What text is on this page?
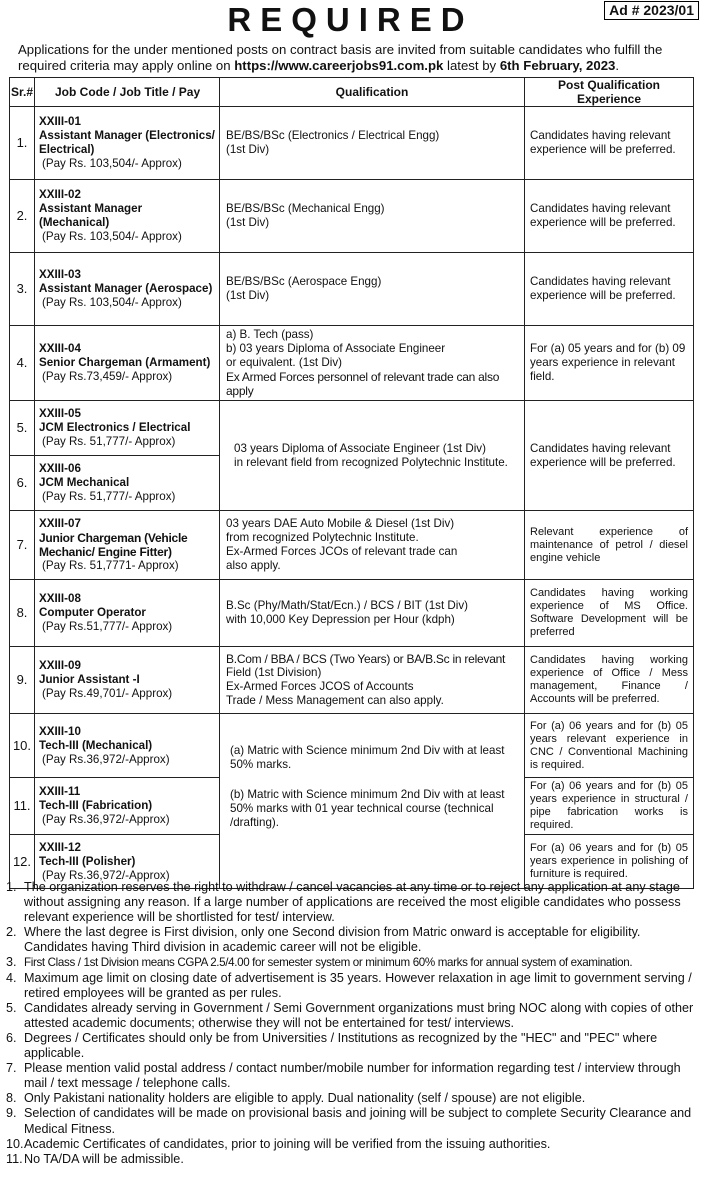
REQUIRED	Ad # 2023/01

Applications for the under mentioned posts on contract basis are invited from suitable candidates who fulfill the required criteria may apply online on https://www.careerjobs91.com.pk latest by 6th February, 2023.

Sr.#	Job Code / Job Title / Pay	Qualification	Post Qualification Experience
1.	XXIII-01
Assistant Manager (Electronics/ Electrical)
(Pay Rs. 103,504/- Approx)	BE/BS/BSc (Electronics / Electrical Engg)
(1st Div)	Candidates having relevant experience will be preferred.
2.	XXIII-02
Assistant Manager (Mechanical)
(Pay Rs. 103,504/- Approx)	BE/BS/BSc (Mechanical Engg)
(1st Div)	Candidates having relevant experience will be preferred.
3.	XXIII-03
Assistant Manager (Aerospace)
(Pay Rs. 103,504/- Approx)	BE/BS/BSc (Aerospace Engg)
(1st Div)	Candidates having relevant experience will be preferred.
4.	XXIII-04
Senior Chargeman (Armament)
(Pay Rs.73,459/- Approx)	a) B. Tech (pass)
b) 03 years Diploma of Associate Engineer
or equivalent. (1st Div)
Ex Armed Forces personnel of relevant trade can also apply	For (a) 05 years and for (b) 09 years experience in relevant field.
5.	XXIII-05
JCM Electronics / Electrical
(Pay Rs. 51,777/- Approx)	03 years Diploma of Associate Engineer (1st Div)
in relevant field from recognized Polytechnic Institute.	Candidates having relevant experience will be preferred.
6.	XXIII-06
JCM Mechanical
(Pay Rs. 51,777/- Approx)		

7.	XXIII-07
Junior Chargeman (Vehicle Mechanic/ Engine Fitter)
(Pay Rs. 51,7771- Approx)	03 years DAE Auto Mobile & Diesel (1st Div)
from recognized Polytechnic Institute.
Ex-Armed Forces JCOs of relevant trade can
also apply.	Relevant experience of maintenance of petrol / diesel engine vehicle
8.	XXIII-08
Computer Operator
(Pay Rs.51,777/- Approx)	B.Sc (Phy/Math/Stat/Ecn.) / BCS / BIT (1st Div)
with 10,000 Key Depression per Hour (kdph)	Candidates having working experience of MS Office. Software Development will be preferred
9.	XXIII-09
Junior Assistant -I
(Pay Rs.49,701/- Approx)	B.Com / BBA / BCS (Two Years) or BA/B.Sc in relevant
Field (1st Division)
Ex-Armed Forces JCOS of Accounts
Trade / Mess Management can also apply.	Candidates having working experience of Office / Mess management, Finance / Accounts will be preferred.
10.	XXIII-10
Tech-III (Mechanical)
(Pay Rs.36,972/-Approx)	(a) Matric with Science minimum 2nd Div with at least 50% marks.
(b) Matric with Science minimum 2nd Div with at least 50% marks with 01 year technical course (technical /drafting).	For (a) 06 years and for (b) 05 years relevant experience in CNC / Conventional Machining is required.
11.	XXIII-11
Tech-III (Fabrication)
(Pay Rs.36,972/-Approx)		For (a) 06 years and for (b) 05 years experience in structural / pipe fabrication works is required.
12.	XXIII-12
Tech-III (Polisher)
(Pay Rs.36,972/-Approx)		For (a) 06 years and for (b) 05 years experience in polishing of furniture is required.
1. The organization reserves the right to withdraw / cancel vacancies at any time or to reject any application at any stage without assigning any reason. If a large number of applications are received the most eligible candidates who possess relevant experience will be shortlisted for test/ interview.
2. Where the last degree is First division, only one Second division from Matric onward is acceptable for eligibility. Candidates having Third division in academic career will not be eligible.
3. First Class / 1st Division means CGPA 2.5/4.00 for semester system or minimum 60% marks for annual system of examination.
4. Maximum age limit on closing date of advertisement is 35 years. However relaxation in age limit to government serving / retired employees will be granted as per rules.
5. Candidates already serving in Government / Semi Government organizations must bring NOC along with copies of other attested academic documents; otherwise they will not be entertained for test/ interviews.
6. Degrees / Certificates should only be from Universities / Institutions as recognized by the "HEC" and "PEC" where applicable.
7. Please mention valid postal address / contact number/mobile number for information regarding test / interview through mail / text message / telephone calls.
8. Only Pakistani nationality holders are eligible to apply. Dual nationality (self / spouse) are not eligible.
9. Selection of candidates will be made on provisional basis and joining will be subject to complete Security Clearance and Medical Fitness.
10. Academic Certificates of candidates, prior to joining will be verified from the issuing authorities.
11. No TA/DA will be admissible.
